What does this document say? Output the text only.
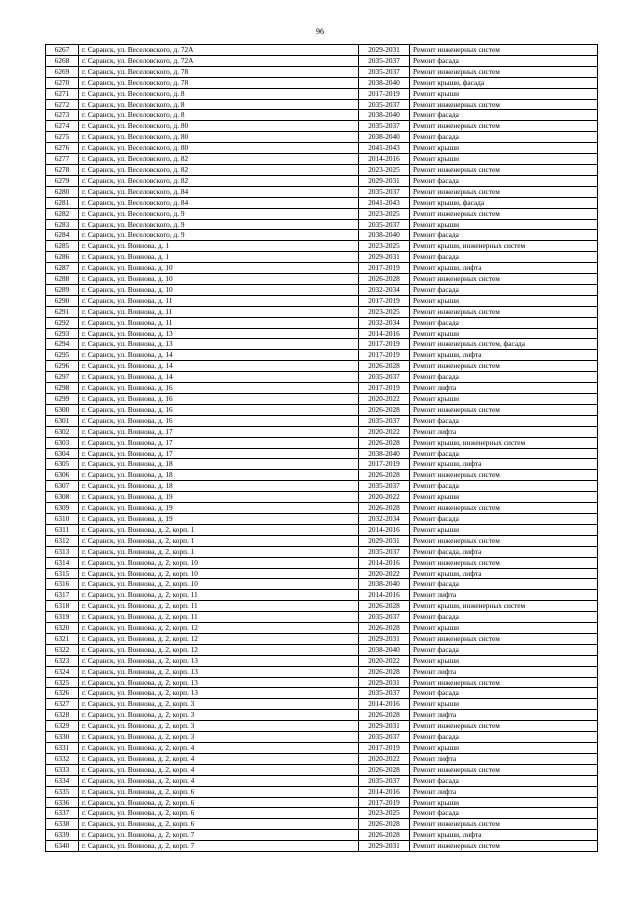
96
6267	г. Саранск, ул. Веселовского, д. 72А	2029-2031	Ремонт инженерных систем
6268	г. Саранск, ул. Веселовского, д. 72А	2035-2037	Ремонт фасада
6269	г. Саранск, ул. Веселовского, д. 78	2035-2037	Ремонт инженерных систем
6270	г. Саранск, ул. Веселовского, д. 78	2038-2040	Ремонт крыши, фасада
6271	г. Саранск, ул. Веселовского, д. 8	2017-2019	Ремонт крыши
6272	г. Саранск, ул. Веселовского, д. 8	2035-2037	Ремонт инженерных систем
6273	г. Саранск, ул. Веселовского, д. 8	2038-2040	Ремонт фасада
6274	г. Саранск, ул. Веселовского, д. 80	2035-2037	Ремонт инженерных систем
6275	г. Саранск, ул. Веселовского, д. 80	2038-2040	Ремонт фасада
6276	г. Саранск, ул. Веселовского, д. 80	2041-2043	Ремонт крыши
6277	г. Саранск, ул. Веселовского, д. 82	2014-2016	Ремонт крыши
6278	г. Саранск, ул. Веселовского, д. 82	2023-2025	Ремонт инженерных систем
6279	г. Саранск, ул. Веселовского, д. 82	2029-2031	Ремонт фасада
6280	г. Саранск, ул. Веселовского, д. 84	2035-2037	Ремонт инженерных систем
6281	г. Саранск, ул. Веселовского, д. 84	2041-2043	Ремонт крыши, фасада
6282	г. Саранск, ул. Веселовского, д. 9	2023-2025	Ремонт инженерных систем
6283	г. Саранск, ул. Веселовского, д. 9	2035-2037	Ремонт крыши
6284	г. Саранск, ул. Веселовского, д. 9	2038-2040	Ремонт фасада
6285	г. Саранск, ул. Воинова, д. 1	2023-2025	Ремонт крыши, инженерных систем
6286	г. Саранск, ул. Воинова, д. 1	2029-2031	Ремонт фасада
6287	г. Саранск, ул. Воинова, д. 10	2017-2019	Ремонт крыши, лифта
6288	г. Саранск, ул. Воинова, д. 10	2026-2028	Ремонт инженерных систем
6289	г. Саранск, ул. Воинова, д. 10	2032-2034	Ремонт фасада
6290	г. Саранск, ул. Воинова, д. 11	2017-2019	Ремонт крыши
6291	г. Саранск, ул. Воинова, д. 11	2023-2025	Ремонт инженерных систем
6292	г. Саранск, ул. Воинова, д. 11	2032-2034	Ремонт фасада
6293	г. Саранск, ул. Воинова, д. 13	2014-2016	Ремонт крыши
6294	г. Саранск, ул. Воинова, д. 13	2017-2019	Ремонт инженерных систем, фасада
6295	г. Саранск, ул. Воинова, д. 14	2017-2019	Ремонт крыши, лифта
6296	г. Саранск, ул. Воинова, д. 14	2026-2028	Ремонт инженерных систем
6297	г. Саранск, ул. Воинова, д. 14	2035-2037	Ремонт фасада
6298	г. Саранск, ул. Воинова, д. 16	2017-2019	Ремонт лифта
6299	г. Саранск, ул. Воинова, д. 16	2020-2022	Ремонт крыши
6300	г. Саранск, ул. Воинова, д. 16	2026-2028	Ремонт инженерных систем
6301	г. Саранск, ул. Воинова, д. 16	2035-2037	Ремонт фасада
6302	г. Саранск, ул. Воинова, д. 17	2020-2022	Ремонт лифта
6303	г. Саранск, ул. Воинова, д. 17	2026-2028	Ремонт крыши, инженерных систем
6304	г. Саранск, ул. Воинова, д. 17	2038-2040	Ремонт фасада
6305	г. Саранск, ул. Воинова, д. 18	2017-2019	Ремонт крыши, лифта
6306	г. Саранск, ул. Воинова, д. 18	2026-2028	Ремонт инженерных систем
6307	г. Саранск, ул. Воинова, д. 18	2035-2037	Ремонт фасада
6308	г. Саранск, ул. Воинова, д. 19	2020-2022	Ремонт крыши
6309	г. Саранск, ул. Воинова, д. 19	2026-2028	Ремонт инженерных систем
6310	г. Саранск, ул. Воинова, д. 19	2032-2034	Ремонт фасада
6311	г. Саранск, ул. Воинова, д. 2, корп. 1	2014-2016	Ремонт крыши
6312	г. Саранск, ул. Воинова, д. 2, корп. 1	2029-2031	Ремонт инженерных систем
6313	г. Саранск, ул. Воинова, д. 2, корп. 1	2035-2037	Ремонт фасада, лифта
6314	г. Саранск, ул. Воинова, д. 2, корп. 10	2014-2016	Ремонт инженерных систем
6315	г. Саранск, ул. Воинова, д. 2, корп. 10	2020-2022	Ремонт крыши, лифта
6316	г. Саранск, ул. Воинова, д. 2, корп. 10	2038-2040	Ремонт фасада
6317	г. Саранск, ул. Воинова, д. 2, корп. 11	2014-2016	Ремонт лифта
6318	г. Саранск, ул. Воинова, д. 2, корп. 11	2026-2028	Ремонт крыши, инженерных систем
6319	г. Саранск, ул. Воинова, д. 2, корп. 11	2035-2037	Ремонт фасада
6320	г. Саранск, ул. Воинова, д. 2, корп. 12	2026-2028	Ремонт крыши
6321	г. Саранск, ул. Воинова, д. 2, корп. 12	2029-2031	Ремонт инженерных систем
6322	г. Саранск, ул. Воинова, д. 2, корп. 12	2038-2040	Ремонт фасада
6323	г. Саранск, ул. Воинова, д. 2, корп. 13	2020-2022	Ремонт крыши
6324	г. Саранск, ул. Воинова, д. 2, корп. 13	2026-2028	Ремонт лифта
6325	г. Саранск, ул. Воинова, д. 2, корп. 13	2029-2031	Ремонт инженерных систем
6326	г. Саранск, ул. Воинова, д. 2, корп. 13	2035-2037	Ремонт фасада
6327	г. Саранск, ул. Воинова, д. 2, корп. 3	2014-2016	Ремонт крыши
6328	г. Саранск, ул. Воинова, д. 2, корп. 3	2026-2028	Ремонт лифта
6329	г. Саранск, ул. Воинова, д. 2, корп. 3	2029-2031	Ремонт инженерных систем
6330	г. Саранск, ул. Воинова, д. 2, корп. 3	2035-2037	Ремонт фасада
6331	г. Саранск, ул. Воинова, д. 2, корп. 4	2017-2019	Ремонт крыши
6332	г. Саранск, ул. Воинова, д. 2, корп. 4	2020-2022	Ремонт лифта
6333	г. Саранск, ул. Воинова, д. 2, корп. 4	2026-2028	Ремонт инженерных систем
6334	г. Саранск, ул. Воинова, д. 2, корп. 4	2035-2037	Ремонт фасада
6335	г. Саранск, ул. Воинова, д. 2, корп. 6	2014-2016	Ремонт лифта
6336	г. Саранск, ул. Воинова, д. 2, корп. 6	2017-2019	Ремонт крыши
6337	г. Саранск, ул. Воинова, д. 2, корп. 6	2023-2025	Ремонт фасада
6338	г. Саранск, ул. Воинова, д. 2, корп. 6	2026-2028	Ремонт инженерных систем
6339	г. Саранск, ул. Воинова, д. 2, корп. 7	2026-2028	Ремонт крыши, лифта
6340	г. Саранск, ул. Воинова, д. 2, корп. 7	2029-2031	Ремонт инженерных систем
